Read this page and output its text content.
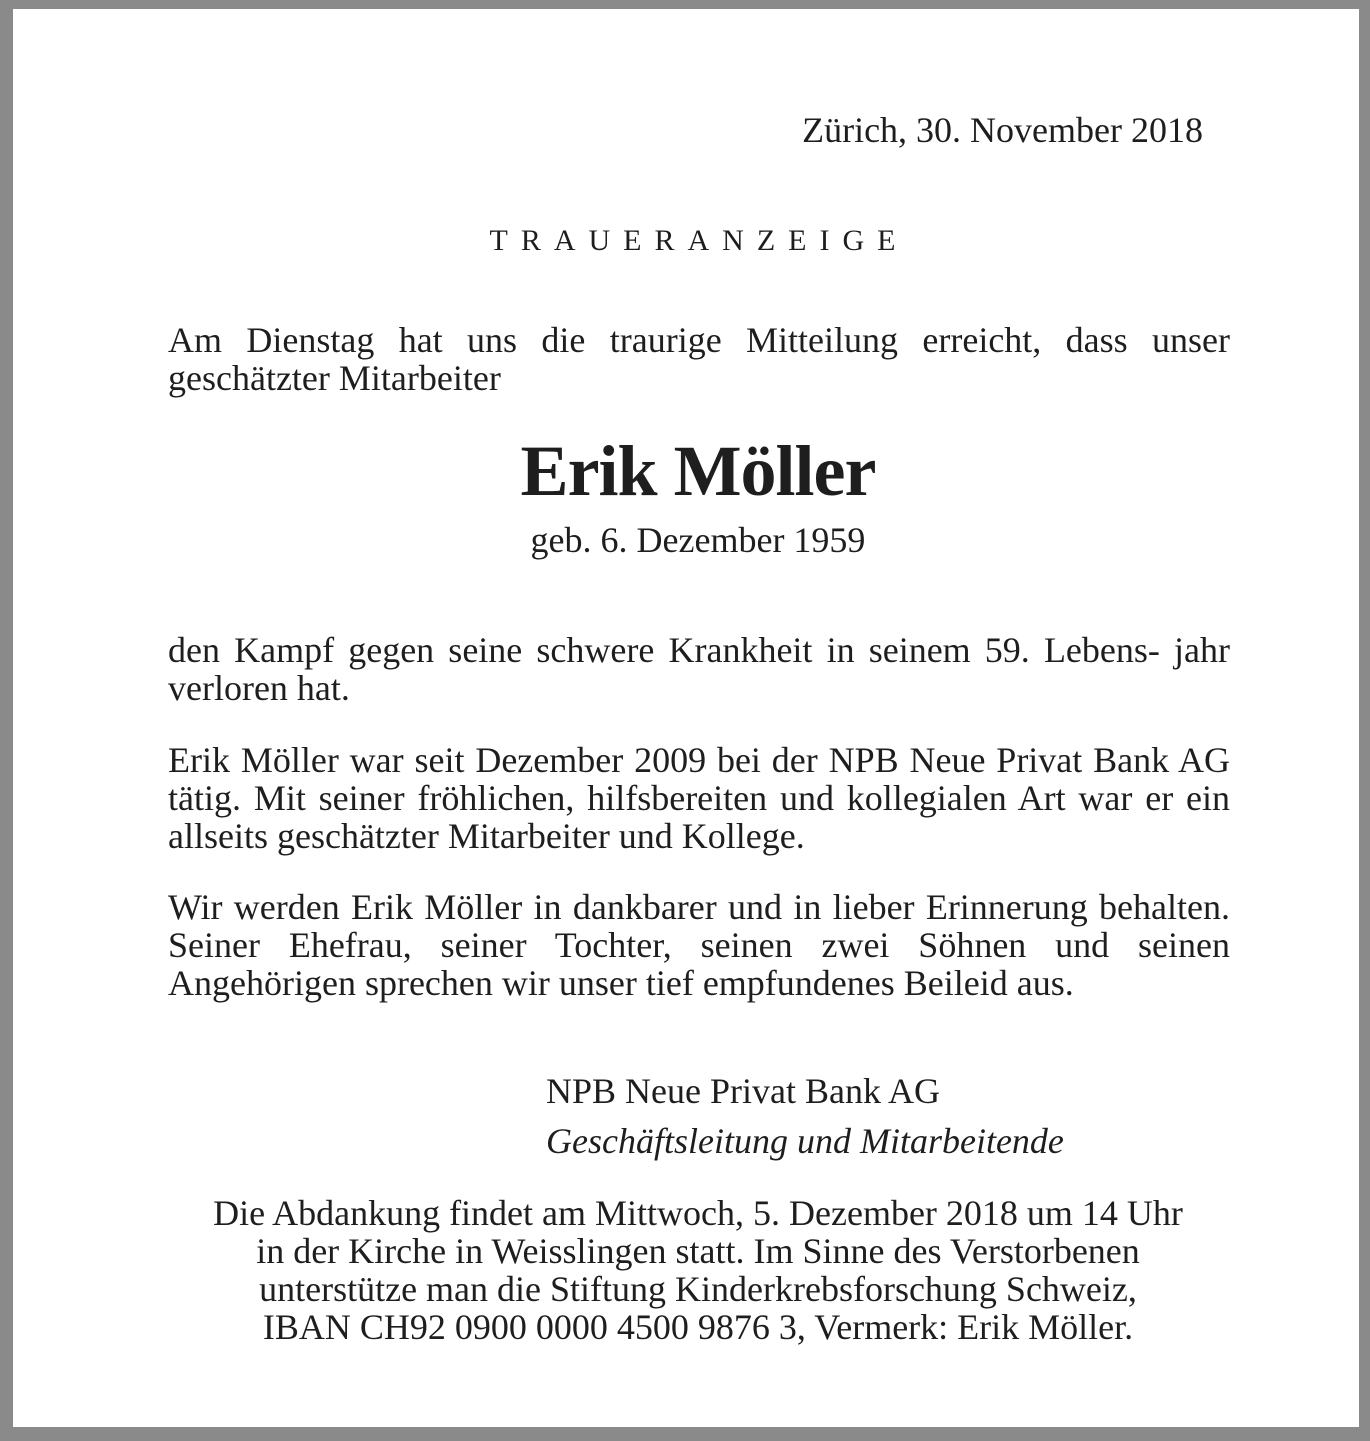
Zürich, 30. November 2018

TRAUERANZEIGE

Am Dienstag hat uns die traurige Mitteilung erreicht, dass unser geschätzter Mitarbeiter

Erik Möller

geb. 6. Dezember 1959

den Kampf gegen seine schwere Krankheit in seinem 59. Lebens- jahr verloren hat.

Erik Möller war seit Dezember 2009 bei der NPB Neue Privat Bank AG tätig. Mit seiner fröhlichen, hilfsbereiten und kollegialen Art war er ein allseits geschätzter Mitarbeiter und Kollege.

Wir werden Erik Möller in dankbarer und in lieber Erinnerung behalten. Seiner Ehefrau, seiner Tochter, seinen zwei Söhnen und seinen Angehörigen sprechen wir unser tief empfundenes Beileid aus.

NPB Neue Privat Bank AG

Geschäftsleitung und Mitarbeitende

Die Abdankung findet am Mittwoch, 5. Dezember 2018 um 14 Uhr
in der Kirche in Weisslingen statt. Im Sinne des Verstorbenen
unterstütze man die Stiftung Kinderkrebsforschung Schweiz,
IBAN CH92 0900 0000 4500 9876 3, Vermerk: Erik Möller.
